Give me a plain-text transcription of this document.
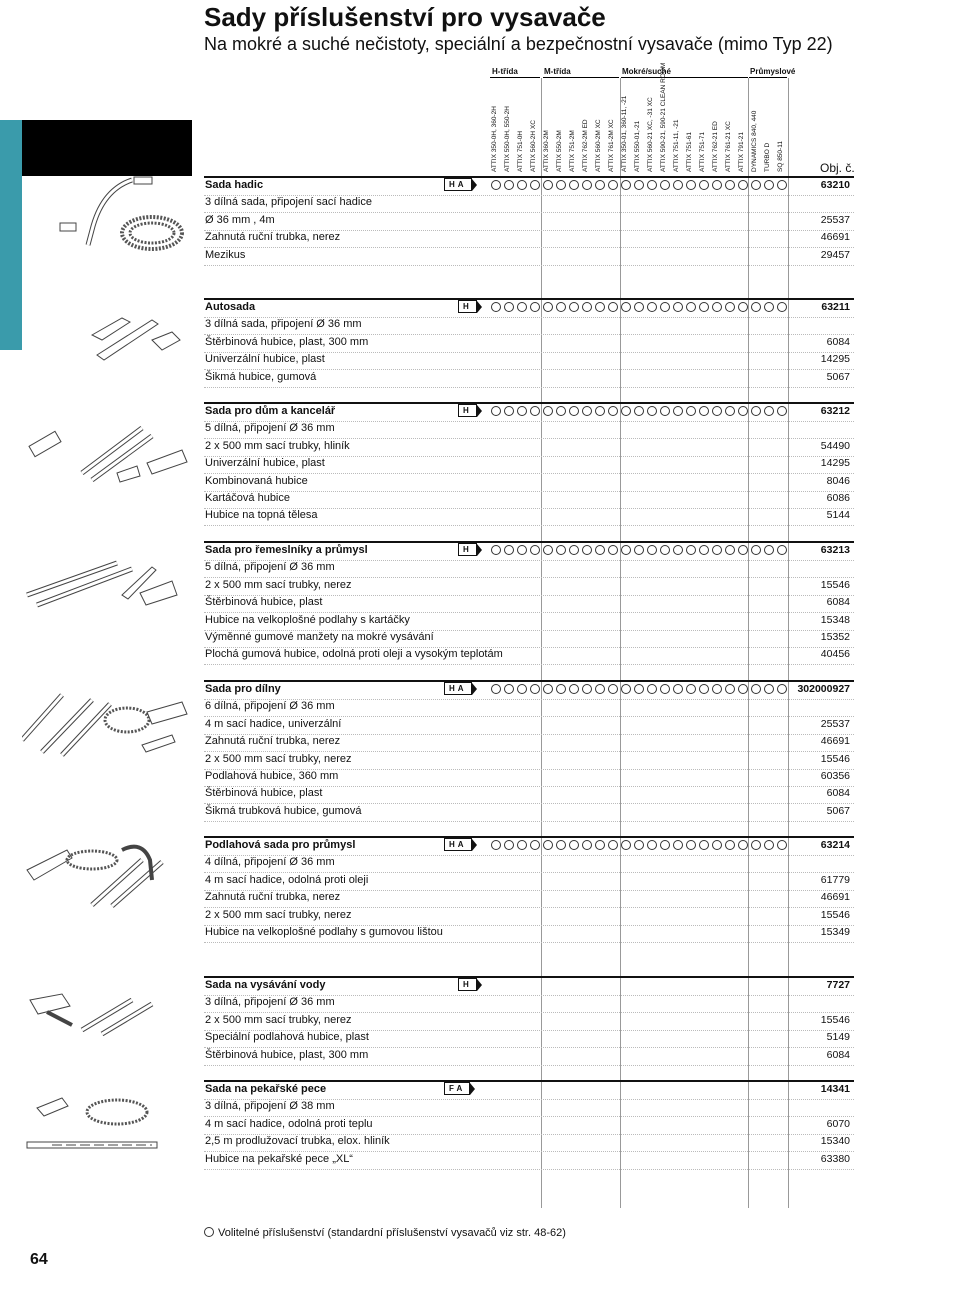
Sady příslušenství pro vysavače
Na mokré a suché nečistoty, speciální a bezpečnostní vysavače (mimo Typ 22)
H-třída	M-třída	Mokré/suché	Průmyslové
ATTIX 350-0H, 360-2H ATTIX 550-0H, 550-2H ATTIX 751-0H ATTIX 560-2H XC ATTIX 360-2M ATTIX 550-2M ATTIX 751-2M ATTIX 762-2M ED ATTIX 560-2M XC ATTIX 761-2M XC ATTIX 350-01, 360-11, -21 ATTIX 550-01,-21 ATTIX 560-21 XC, -31 XC ATTIX 590-21, 590-21 CLEAN ROOM ATTIX 751-11, -21 ATTIX 751-61 ATTIX 751-71 ATTIX 762-21 ED ATTIX 761-21 XC ATTIX 791-21 DYNAMICS 840, 440 TURBO D SQ 850-11	Obj. č.
Sada hadic	HA	63210
3 dílná sada, připojení sací hadice
Ø 36 mm , 4m	25537
Zahnutá ruční trubka, nerez	46691
Mezikus	29457
Autosada	H	63211
3 dílná sada, připojení Ø 36 mm
Štěrbinová hubice, plast, 300 mm	6084
Univerzální hubice, plast	14295
Šikmá hubice, gumová	5067
Sada pro dům a kancelář	H	63212
5 dílná, připojení Ø 36 mm
2 x 500 mm sací trubky, hliník	54490
Univerzální hubice, plast	14295
Kombinovaná hubice	8046
Kartáčová hubice	6086
Hubice na topná tělesa	5144
Sada pro řemeslníky a průmysl	H	63213
5 dílná, připojení Ø 36 mm
2 x 500 mm sací trubky, nerez	15546
Štěrbinová hubice, plast	6084
Hubice na velkoplošné podlahy s kartáčky	15348
Výměnné gumové manžety na mokré vysávání	15352
Plochá gumová hubice, odolná proti oleji a vysokým teplotám	40456
Sada pro dílny	HA	302000927
6 dílná, připojení Ø 36 mm
4 m sací hadice, univerzální	25537
Zahnutá ruční trubka, nerez	46691
2 x 500 mm sací trubky, nerez	15546
Podlahová hubice, 360 mm	60356
Štěrbinová hubice, plast	6084
Šikmá trubková hubice, gumová	5067
Podlahová sada pro průmysl	HA	63214
4 dílná, připojení Ø 36 mm
4 m sací hadice, odolná proti oleji	61779
Zahnutá ruční trubka, nerez	46691
2 x 500 mm sací trubky, nerez	15546
Hubice na velkoplošné podlahy s gumovou lištou	15349
Sada na vysávání vody	H	7727
3 dílná, připojení Ø 36 mm
2 x 500 mm sací trubky, nerez	15546
Speciální podlahová hubice, plast	5149
Štěrbinová hubice, plast, 300 mm	6084
Sada na pekařské pece	FA	14341
3 dílná, připojení Ø 38 mm
4 m sací hadice, odolná proti teplu	6070
2,5 m prodlužovací trubka, elox. hliník	15340
Hubice na pekařské pece „XL“	63380
Volitelné příslušenství (standardní příslušenství vysavačů viz str. 48-62)
64
